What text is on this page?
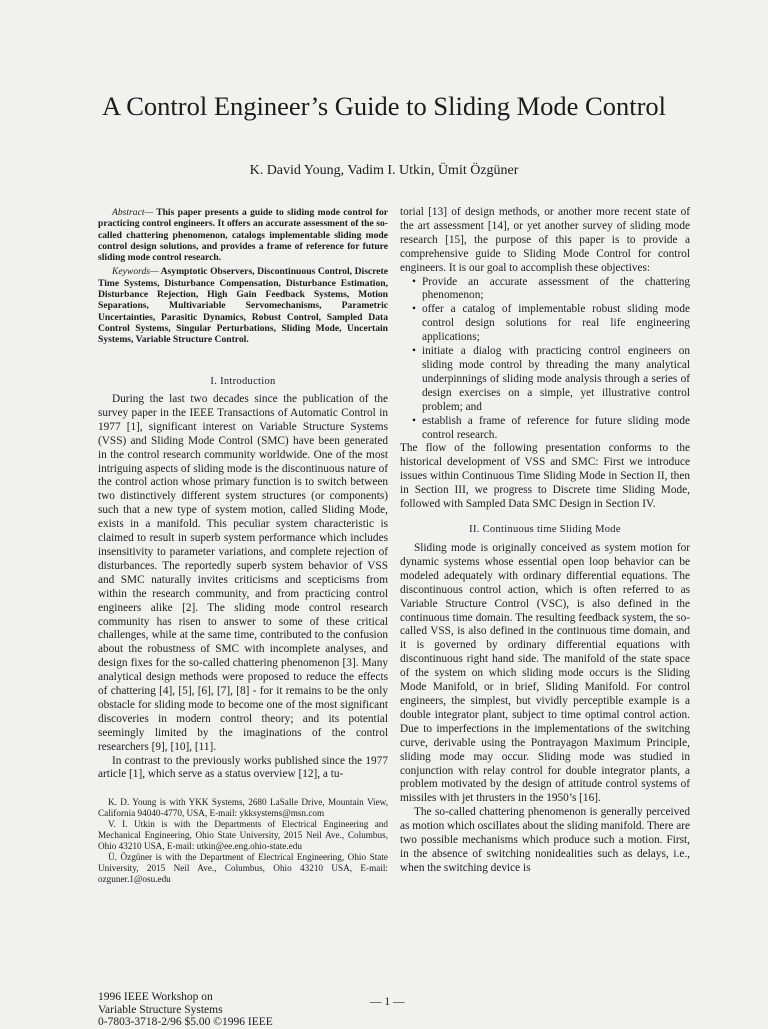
A Control Engineer’s Guide to Sliding Mode Control
K. David Young, Vadim I. Utkin, Ümit Özgüner

Abstract— This paper presents a guide to sliding mode control for practicing control engineers. It offers an accurate assessment of the so-called chattering phenomenon, catalogs implementable sliding mode control design solutions, and provides a frame of reference for future sliding mode control research.

Keywords— Asymptotic Observers, Discontinuous Control, Discrete Time Systems, Disturbance Compensation, Disturbance Estimation, Disturbance Rejection, High Gain Feedback Systems, Motion Separations, Multivariable Servomechanisms, Parametric Uncertainties, Parasitic Dynamics, Robust Control, Sampled Data Control Systems, Singular Perturbations, Sliding Mode, Uncertain Systems, Variable Structure Control.

I. Introduction

During the last two decades since the publication of the survey paper in the IEEE Transactions of Automatic Control in 1977 [1], significant interest on Variable Structure Systems (VSS) and Sliding Mode Control (SMC) have been generated in the control research community worldwide. One of the most intriguing aspects of sliding mode is the discontinuous nature of the control action whose primary function is to switch between two distinctively different system structures (or components) such that a new type of system motion, called Sliding Mode, exists in a manifold. This peculiar system characteristic is claimed to result in superb system performance which includes insensitivity to parameter variations, and complete rejection of disturbances. The reportedly superb system behavior of VSS and SMC naturally invites criticisms and scepticisms from within the research community, and from practicing control engineers alike [2]. The sliding mode control research community has risen to answer to some of these critical challenges, while at the same time, contributed to the confusion about the robustness of SMC with incomplete analyses, and design fixes for the so-called chattering phenomenon [3]. Many analytical design methods were proposed to reduce the effects of chattering [4], [5], [6], [7], [8] - for it remains to be the only obstacle for sliding mode to become one of the most significant discoveries in modern control theory; and its potential seemingly limited by the imaginations of the control researchers [9], [10], [11].

In contrast to the previously works published since the 1977 article [1], which serve as a status overview [12], a tu-

K. D. Young is with YKK Systems, 2680 LaSalle Drive, Mountain View, California 94040-4770, USA, E-mail: ykksystems@msn.com

V. I. Utkin is with the Departments of Electrical Engineering and Mechanical Engineering, Ohio State University, 2015 Neil Ave., Columbus, Ohio 43210 USA, E-mail: utkin@ee.eng.ohio-state.edu

Ü. Özgüner is with the Department of Electrical Engineering, Ohio State University, 2015 Neil Ave., Columbus, Ohio 43210 USA, E-mail: ozguner.1@osu.edu

torial [13] of design methods, or another more recent state of the art assessment [14], or yet another survey of sliding mode research [15], the purpose of this paper is to provide a comprehensive guide to Sliding Mode Control for control engineers. It is our goal to accomplish these objectives:

• Provide an accurate assessment of the chattering phenomenon;
• offer a catalog of implementable robust sliding mode control design solutions for real life engineering applications;
• initiate a dialog with practicing control engineers on sliding mode control by threading the many analytical underpinnings of sliding mode analysis through a series of design exercises on a simple, yet illustrative control problem; and
• establish a frame of reference for future sliding mode control research.

The flow of the following presentation conforms to the historical development of VSS and SMC: First we introduce issues within Continuous Time Sliding Mode in Section II, then in Section III, we progress to Discrete time Sliding Mode, followed with Sampled Data SMC Design in Section IV.

II. Continuous time Sliding Mode

Sliding mode is originally conceived as system motion for dynamic systems whose essential open loop behavior can be modeled adequately with ordinary differential equations. The discontinuous control action, which is often referred to as Variable Structure Control (VSC), is also defined in the continuous time domain. The resulting feedback system, the so-called VSS, is also defined in the continuous time domain, and it is governed by ordinary differential equations with discontinuous right hand side. The manifold of the state space of the system on which sliding mode occurs is the Sliding Mode Manifold, or in brief, Sliding Manifold. For control engineers, the simplest, but vividly perceptible example is a double integrator plant, subject to time optimal control action. Due to imperfections in the implementations of the switching curve, derivable using the Pontrayagon Maximum Principle, sliding mode may occur. Sliding mode was studied in conjunction with relay control for double integrator plants, a problem motivated by the design of attitude control systems of missiles with jet thrusters in the 1950’s [16].

The so-called chattering phenomenon is generally perceived as motion which oscillates about the sliding manifold. There are two possible mechanisms which produce such a motion. First, in the absence of switching nonidealities such as delays, i.e., when the switching device is

1996 IEEE Workshop on
Variable Structure Systems
0-7803-3718-2/96 $5.00 ©1996 IEEE
— 1 —
